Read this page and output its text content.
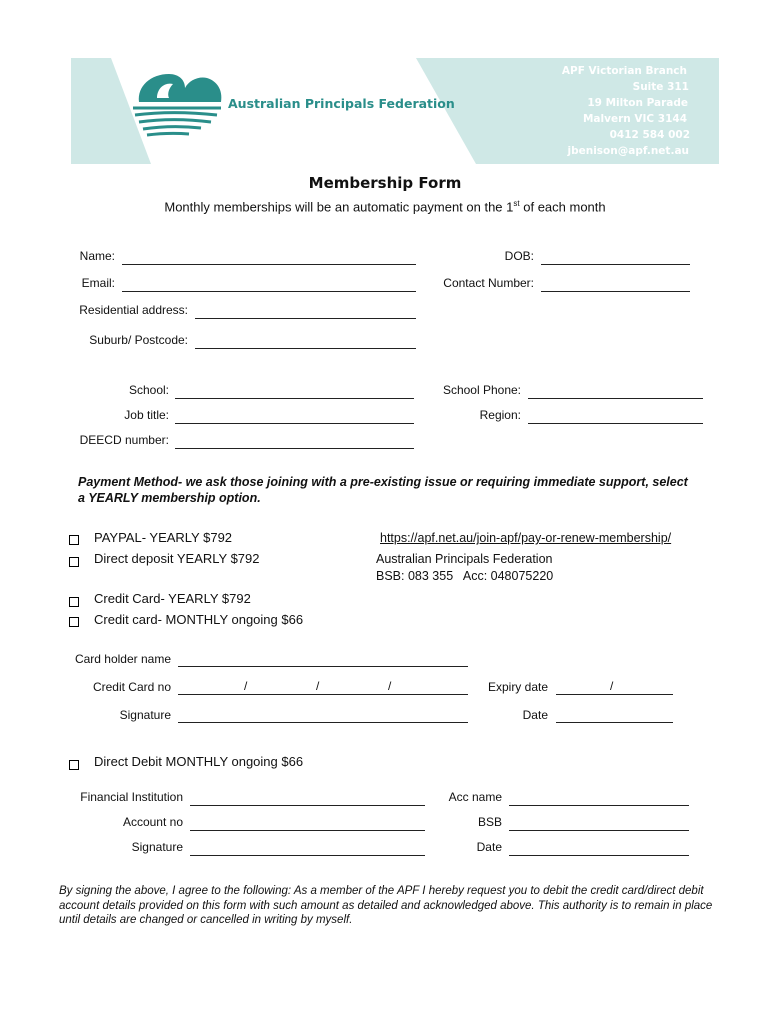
Australian Principals Federation
APF Victorian Branch
Suite 311
19 Milton Parade
Malvern VIC 3144
0412 584 002
jbenison@apf.net.au
Membership Form
Monthly memberships will be an automatic payment on the 1st of each month
Name:	DOB:
Email:	Contact Number:
Residential address:
Suburb/ Postcode:
School:	School Phone:
Job title:	Region:
DEECD number:
Payment Method- we ask those joining with a pre-existing issue or requiring immediate support, select a YEARLY membership option.
PAYPAL- YEARLY $792	https://apf.net.au/join-apf/pay-or-renew-membership/
Direct deposit YEARLY $792	Australian Principals Federation
BSB: 083 355   Acc: 048075220
Credit Card- YEARLY $792
Credit card- MONTHLY ongoing $66
Card holder name
Credit Card no	/	/	/	Expiry date	/
Signature	Date
Direct Debit MONTHLY ongoing $66
Financial Institution	Acc name
Account no	BSB
Signature	Date
By signing the above, I agree to the following: As a member of the APF I hereby request you to debit the credit card/direct debit account details provided on this form with such amount as detailed and acknowledged above. This authority is to remain in place until details are changed or cancelled in writing by myself.
